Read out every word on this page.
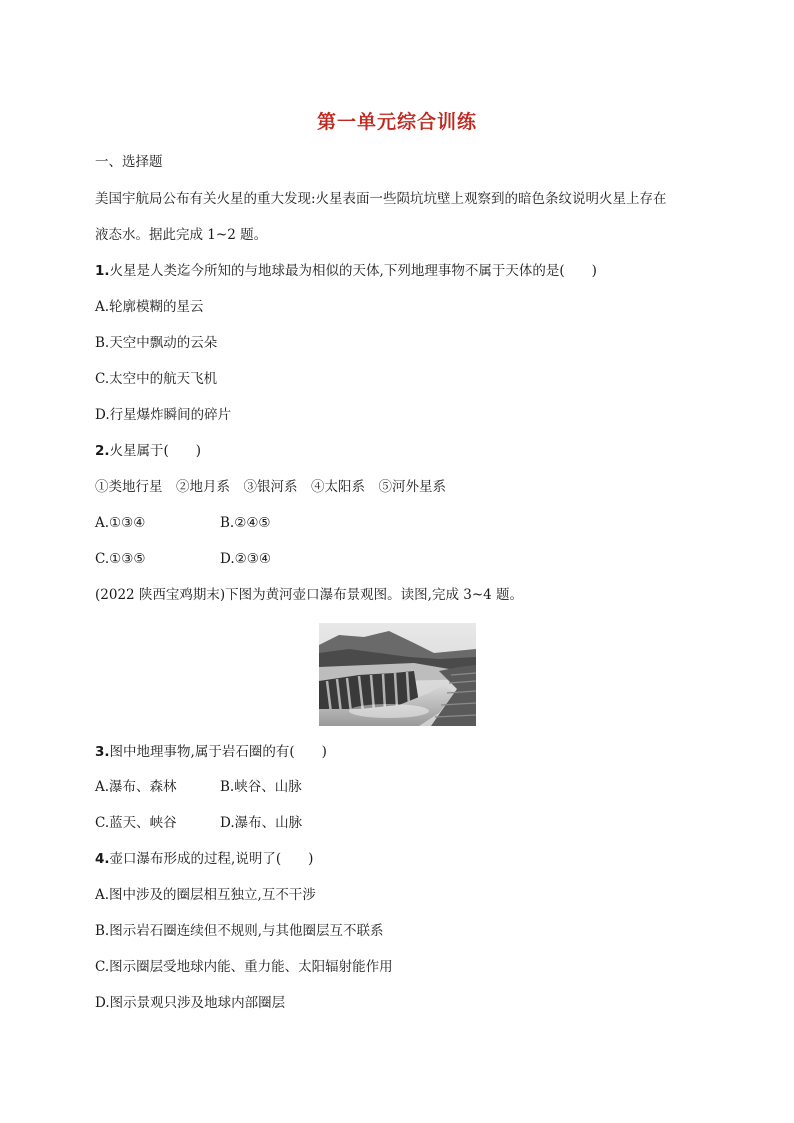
第一单元综合训练
一、选择题
美国宇航局公布有关火星的重大发现:火星表面一些陨坑坑壁上观察到的暗色条纹说明火星上存在
液态水。据此完成 1~2 题。
1.火星是人类迄今所知的与地球最为相似的天体,下列地理事物不属于天体的是(　　)
A.轮廓模糊的星云
B.天空中飘动的云朵
C.太空中的航天飞机
D.行星爆炸瞬间的碎片
2.火星属于(　　)
①类地行星　②地月系　③银河系　④太阳系　⑤河外星系
A.①③④	B.②④⑤
C.①③⑤	D.②③④
(2022 陕西宝鸡期末)下图为黄河壶口瀑布景观图。读图,完成 3~4 题。
3.图中地理事物,属于岩石圈的有(　　)
A.瀑布、森林	B.峡谷、山脉
C.蓝天、峡谷	D.瀑布、山脉
4.壶口瀑布形成的过程,说明了(　　)
A.图中涉及的圈层相互独立,互不干涉
B.图示岩石圈连续但不规则,与其他圈层互不联系
C.图示圈层受地球内能、重力能、太阳辐射能作用
D.图示景观只涉及地球内部圈层
